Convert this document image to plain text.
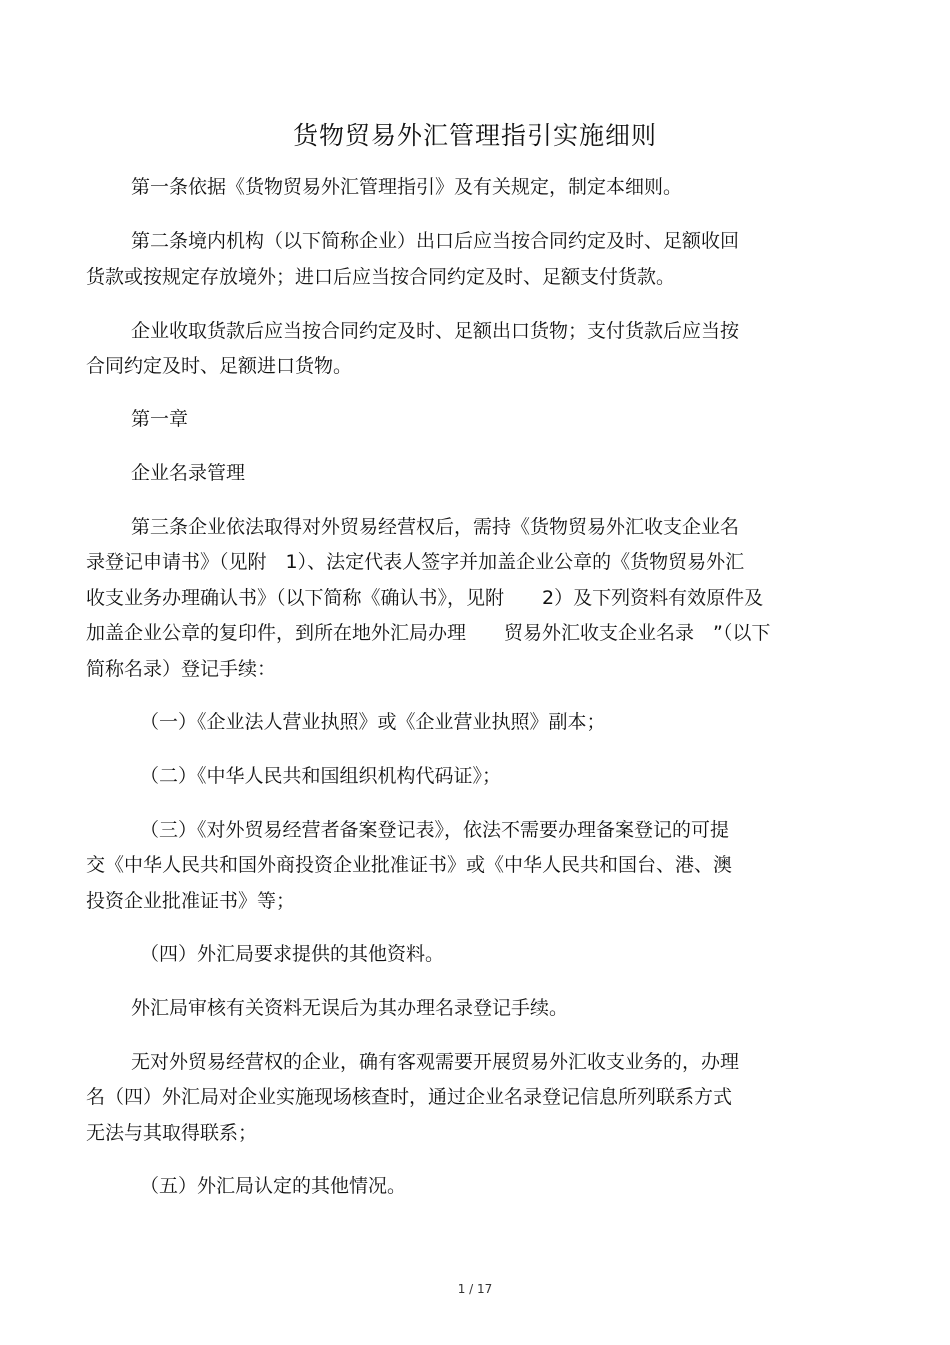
货物贸易外汇管理指引实施细则
第一条依据《货物贸易外汇管理指引》及有关规定，制定本细则。
第二条境内机构（以下简称企业）出口后应当按合同约定及时、足额收回
货款或按规定存放境外；进口后应当按合同约定及时、足额支付货款。
企业收取货款后应当按合同约定及时、足额出口货物；支付货款后应当按
合同约定及时、足额进口货物。
第一章
企业名录管理
第三条企业依法取得对外贸易经营权后，需持《货物贸易外汇收支企业名
录登记申请书》（见附　1）、法定代表人签字并加盖企业公章的《货物贸易外汇
收支业务办理确认书》（以下简称《确认书》，见附　　2）及下列资料有效原件及
加盖企业公章的复印件，到所在地外汇局办理　　贸易外汇收支企业名录　”（以下
简称名录）登记手续：
（一）《企业法人营业执照》或《企业营业执照》副本；
（二）《中华人民共和国组织机构代码证》；
（三）《对外贸易经营者备案登记表》，依法不需要办理备案登记的可提
交《中华人民共和国外商投资企业批准证书》或《中华人民共和国台、港、澳
投资企业批准证书》等；
（四）外汇局要求提供的其他资料。
外汇局审核有关资料无误后为其办理名录登记手续。
无对外贸易经营权的企业，确有客观需要开展贸易外汇收支业务的，办理
名（四）外汇局对企业实施现场核查时，通过企业名录登记信息所列联系方式
无法与其取得联系；
（五）外汇局认定的其他情况。
1 / 17
